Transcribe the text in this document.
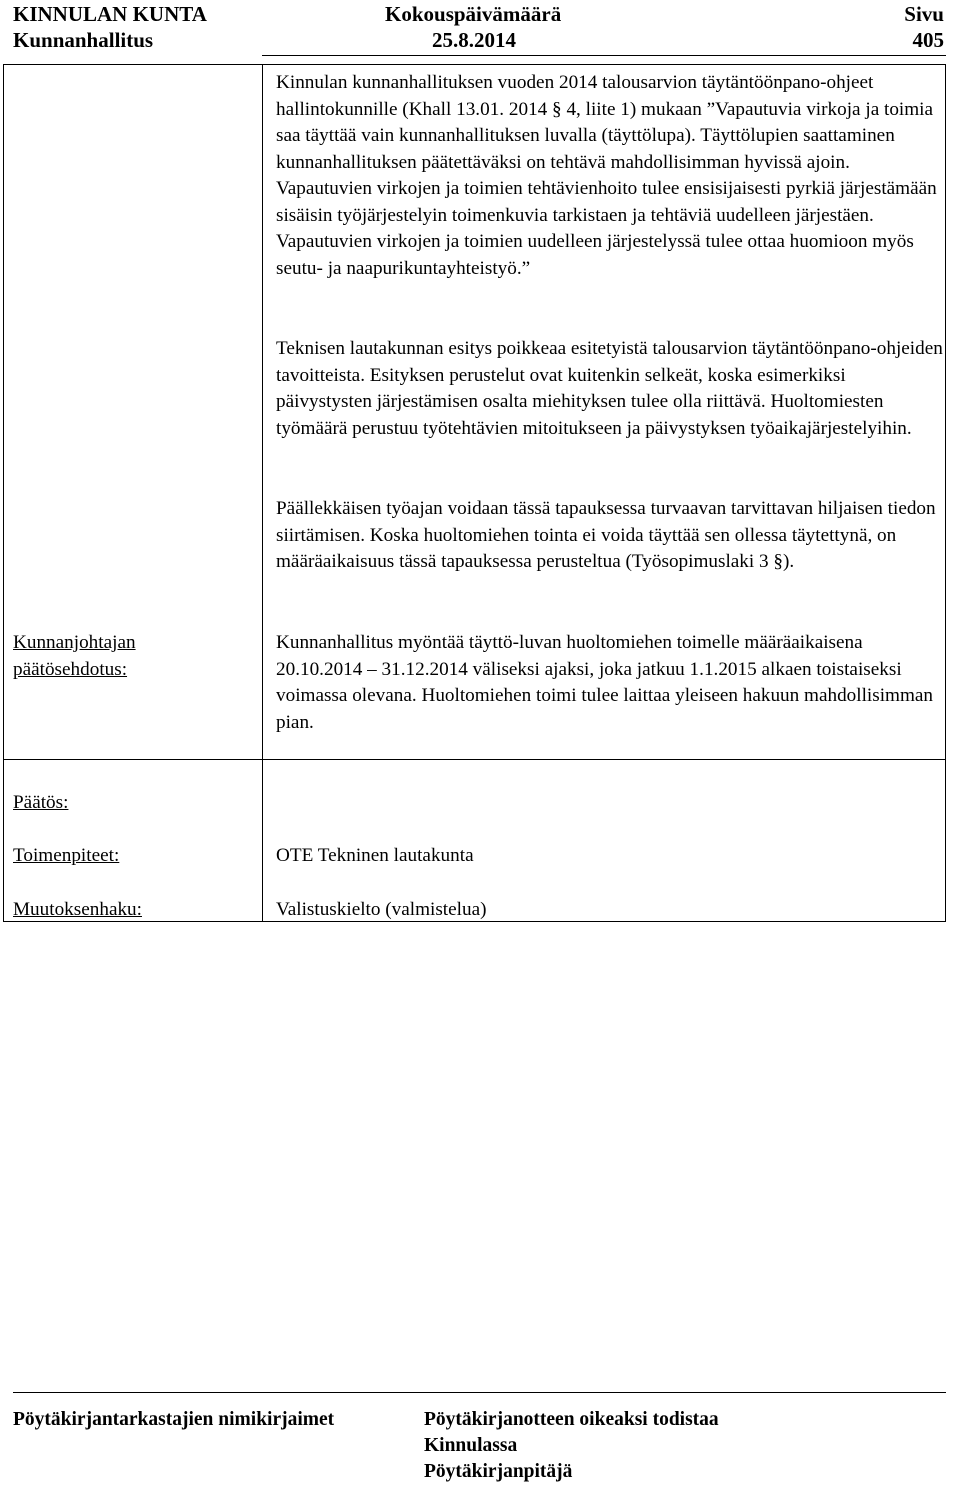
KINNULAN KUNTA
Kunnanhallitus
Kokouspäivämäärä
25.8.2014
Sivu
405

Kinnulan kunnanhallituksen vuoden 2014 talousarvion täytäntöönpano-ohjeet hallintokunnille (Khall 13.01. 2014 § 4, liite 1) mukaan ”Vapautuvia virkoja ja toimia saa täyttää vain kunnanhallituksen luvalla (täyttölupa). Täyttölupien saattaminen kunnanhallituksen päätettäväksi on tehtävä mahdollisimman hyvissä ajoin. Vapautuvien virkojen ja toimien tehtävienhoito tulee ensisijaisesti pyrkiä järjestämään sisäisin työjärjestelyin toimenkuvia tarkistaen ja tehtäviä uudelleen järjestäen. Vapautuvien virkojen ja toimien uudelleen järjestelyssä tulee ottaa huomioon myös seutu- ja naapurikuntayhteistyö.”

Teknisen lautakunnan esitys poikkeaa esitetyistä talousarvion täytäntöönpano-ohjeiden tavoitteista. Esityksen perustelut ovat kuitenkin selkeät, koska esimerkiksi päivystysten järjestämisen osalta miehityksen tulee olla riittävä. Huoltomiesten työmäärä perustuu työtehtävien mitoitukseen ja päivystyksen työaikajärjestelyihin.

Päällekkäisen työajan voidaan tässä tapauksessa turvaavan tarvittavan hiljaisen tiedon siirtämisen. Koska huoltomiehen tointa ei voida täyttää sen ollessa täytettynä, on määräaikaisuus tässä tapauksessa perusteltua (Työsopimuslaki 3 §).

Kunnanjohtajan päätösehdotus:

Kunnanhallitus myöntää täyttö-luvan huoltomiehen toimelle määräaikaisena 20.10.2014 – 31.12.2014 väliseksi ajaksi, joka jatkuu 1.1.2015 alkaen toistaiseksi voimassa olevana. Huoltomiehen toimi tulee laittaa yleiseen hakuun mahdollisimman pian.

Päätös:
Toimenpiteet:	OTE Tekninen lautakunta
Muutoksenhaku:	Valistuskielto (valmistelua)
Pöytäkirjantarkastajien nimikirjaimet	Pöytäkirjanotteen oikeaksi todistaa
Kinnulassa
Pöytäkirjanpitäjä
